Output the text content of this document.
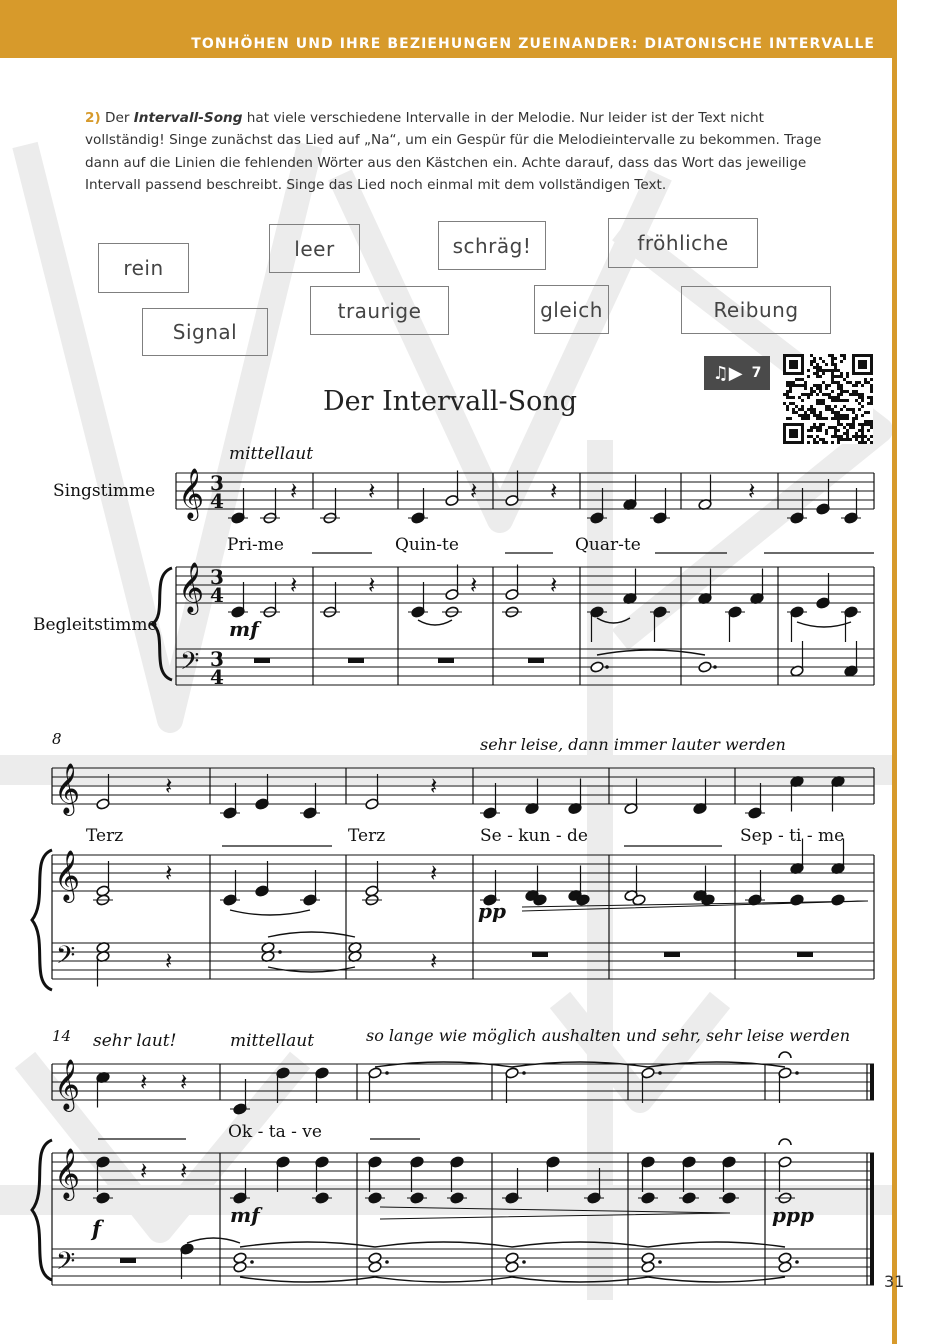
TONHÖHEN UND IHRE BEZIEHUNGEN ZUEINANDER: DIATONISCHE INTERVALLE
2) Der Intervall-Song hat viele verschiedene Intervalle in der Melodie. Nur leider ist der Text nicht vollständig! Singe zunächst das Lied auf „Na“, um ein Gespür für die Melodieintervalle zu bekommen. Trage dann auf die Linien die fehlenden Wörter aus den Kästchen ein. Achte darauf, dass das Wort das jeweilige Intervall passend beschreibt. Singe das Lied noch einmal mit dem vollständigen Text.
rein
leer	schräg!	fröhliche
Signal
traurige	gleich	Reibung
♫▶ 7
Der Intervall-Song
𝄞
𝄞
𝄢
3
4
3
4
3
4
𝄞
𝄞
𝄢
𝄞
𝄞
𝄢
𝄽	𝄽	𝄽	𝄽	𝄽
𝄽	𝄽	𝄽	𝄽
𝄽	𝄽
𝄽	𝄽
𝄽	𝄽
𝄽 𝄽
𝄽 𝄽
Singstimme
Begleitstimme
8
14
mittellaut
sehr leise, dann immer lauter werden
sehr laut!	mittellaut	so lange wie möglich aushalten und sehr, sehr leise werden
mf
pp
f
mf	ppp
Pri-me	Quin-te	Quar-te
Terz	Terz	Se - kun - de	Sep - ti - me
Ok - ta - ve
31
